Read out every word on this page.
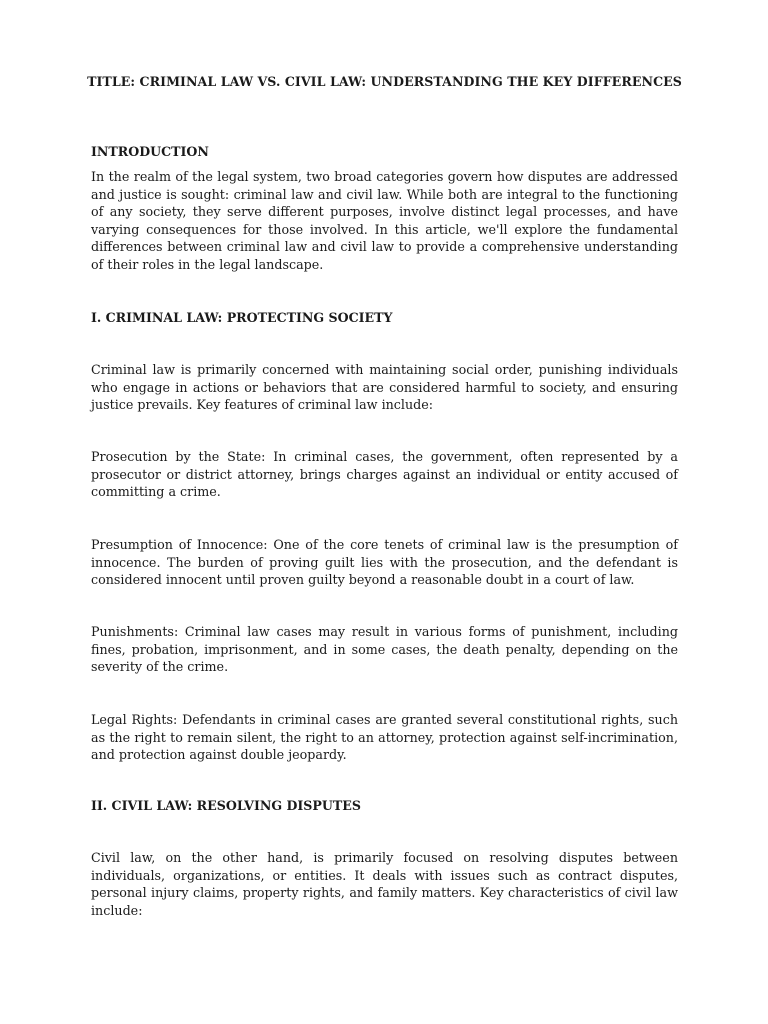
TITLE: CRIMINAL LAW VS. CIVIL LAW: UNDERSTANDING THE KEY DIFFERENCES
INTRODUCTION

In the realm of the legal system, two broad categories govern how disputes are addressed and justice is sought: criminal law and civil law. While both are integral to the functioning of any society, they serve different purposes, involve distinct legal processes, and have varying consequences for those involved. In this article, we'll explore the fundamental differences between criminal law and civil law to provide a comprehensive understanding of their roles in the legal landscape.

I. CRIMINAL LAW: PROTECTING SOCIETY

Criminal law is primarily concerned with maintaining social order, punishing individuals who engage in actions or behaviors that are considered harmful to society, and ensuring justice prevails. Key features of criminal law include:

Prosecution by the State: In criminal cases, the government, often represented by a prosecutor or district attorney, brings charges against an individual or entity accused of committing a crime.

Presumption of Innocence: One of the core tenets of criminal law is the presumption of innocence. The burden of proving guilt lies with the prosecution, and the defendant is considered innocent until proven guilty beyond a reasonable doubt in a court of law.

Punishments: Criminal law cases may result in various forms of punishment, including fines, probation, imprisonment, and in some cases, the death penalty, depending on the severity of the crime.

Legal Rights: Defendants in criminal cases are granted several constitutional rights, such as the right to remain silent, the right to an attorney, protection against self-incrimination, and protection against double jeopardy.

II. CIVIL LAW: RESOLVING DISPUTES

Civil law, on the other hand, is primarily focused on resolving disputes between individuals, organizations, or entities. It deals with issues such as contract disputes, personal injury claims, property rights, and family matters. Key characteristics of civil law include:
